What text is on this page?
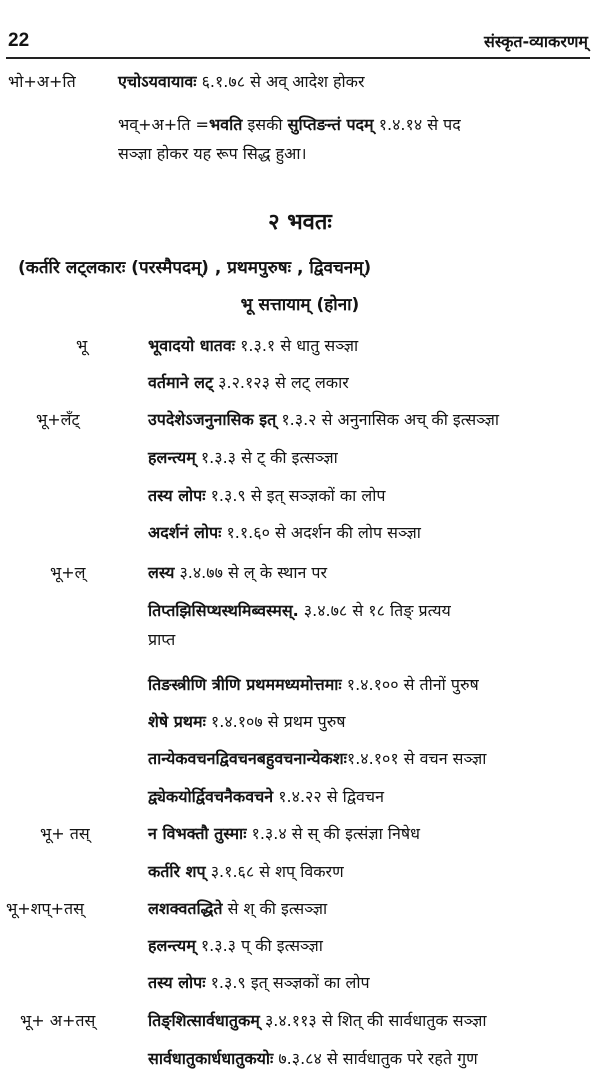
22	संस्कृत-व्याकरणम्
भो+अ+ति	एचोऽयवायावः ६.१.७८ से अव् आदेश होकर
भव्+अ+ति =भवति इसकी सुप्तिङन्तं पदम् १.४.१४ से पद
सञ्ज्ञा होकर यह रूप सिद्ध हुआ।
२ भवतः
(कर्तरि लट्लकारः (परस्मैपदम्) , प्रथमपुरुषः , द्विवचनम्)
भू सत्तायाम् (होना)
भू	भूवादयो धातवः १.३.१ से धातु सञ्ज्ञा
वर्तमाने लट् ३.२.१२३ से लट् लकार
भू+लँट्	उपदेशेऽजनुनासिक इत् १.३.२ से अनुनासिक अच् की इत्सञ्ज्ञा
हलन्त्यम् १.३.३ से ट् की इत्सञ्ज्ञा
तस्य लोपः १.३.९ से इत् सञ्ज्ञकों का लोप
अदर्शनं लोपः १.१.६० से अदर्शन की लोप सञ्ज्ञा
भू+ल्	लस्य ३.४.७७ से ल् के स्थान पर
तिप्तझिसिप्थस्थमिब्वस्मस्. ३.४.७८ से १८ तिङ् प्रत्यय
प्राप्त
तिङस्त्रीणि त्रीणि प्रथममध्यमोत्तमाः १.४.१०० से तीनों पुरुष
शेषे प्रथमः १.४.१०७ से प्रथम पुरुष
तान्येकवचनद्विवचनबहुवचनान्येकशः१.४.१०१ से वचन सञ्ज्ञा
द्व्येकयोर्द्विवचनैकवचने १.४.२२ से द्विवचन
भू+ तस्	न विभक्तौ तुस्माः १.३.४ से स् की इत्संज्ञा निषेध
कर्तरि शप् ३.१.६८ से शप् विकरण
भू+शप्+तस्	लशक्वतद्धिते से श् की इत्सञ्ज्ञा
हलन्त्यम् १.३.३ प् की इत्सञ्ज्ञा
तस्य लोपः १.३.९ इत् सञ्ज्ञकों का लोप
भू+ अ+तस्	तिङ्शित्सार्वधातुकम् ३.४.११३ से शित् की सार्वधातुक सञ्ज्ञा
सार्वधातुकार्धधातुकयोः ७.३.८४ से सार्वधातुक परे रहते गुण
